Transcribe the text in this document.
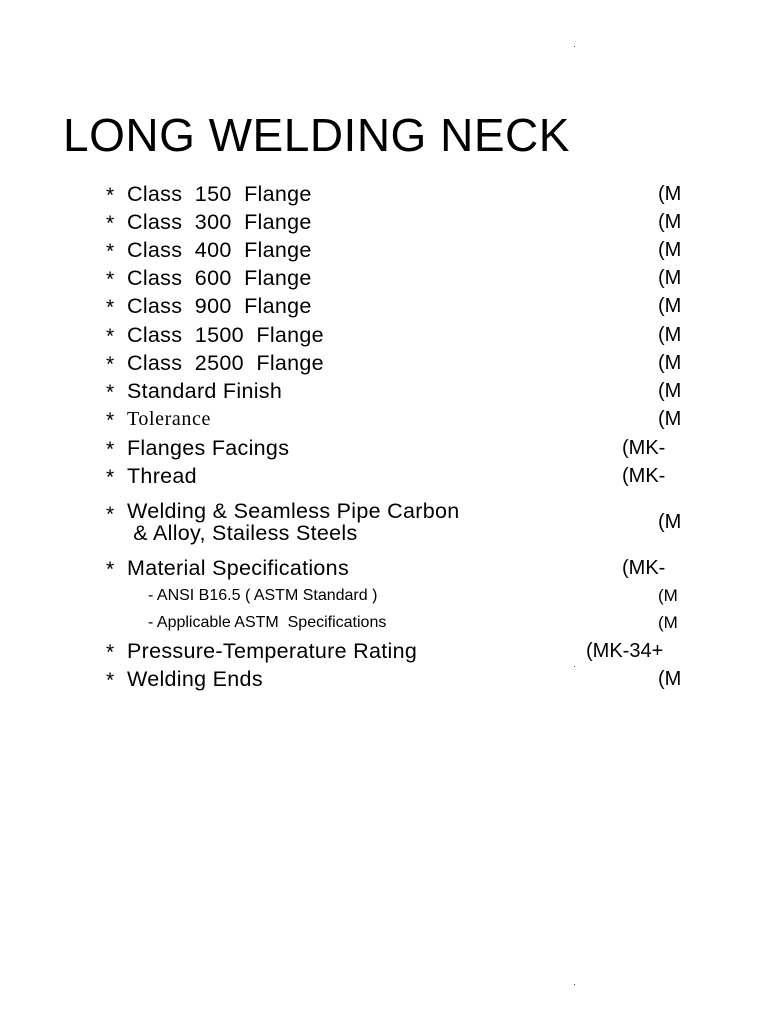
LONG WELDING NECK
* Class  150  Flange	(M
* Class  300  Flange	(M
* Class  400  Flange	(M
* Class  600  Flange	(M
* Class  900  Flange	(M
* Class  1500  Flange	(M
* Class  2500  Flange	(M
* Standard Finish	(M
* Tolerance	(M
* Flanges Facings	(MK-
* Thread	(MK-
* Welding & Seamless Pipe Carbon
& Alloy, Stailess Steels	(M
* Material Specifications	(MK-
- ANSI B16.5 ( ASTM Standard )	(M
- Applicable ASTM  Specifications	(M
* Pressure-Temperature Rating	(MK-34+
* Welding Ends	(M
